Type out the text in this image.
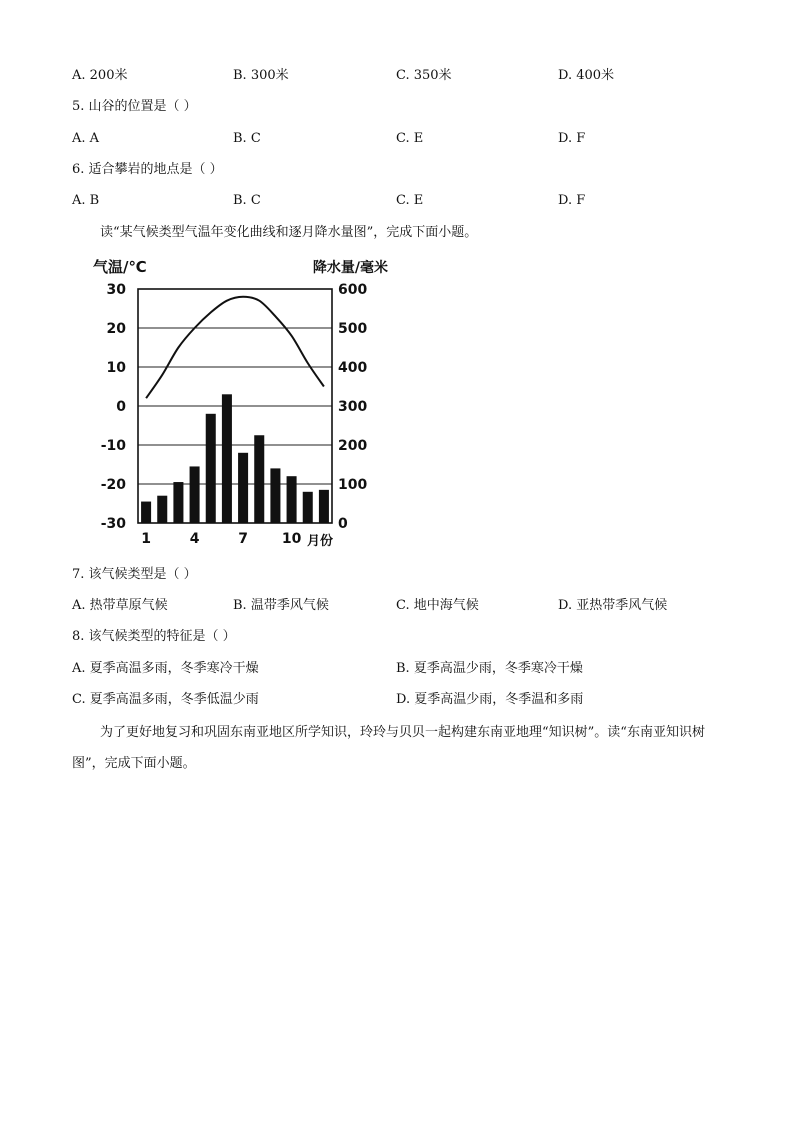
A. 200米	B. 300米	C. 350米	D. 400米
5. 山谷的位置是（ ）
A. A	B. C	C. E	D. F
6. 适合攀岩的地点是（ ）
A. B	B. C	C. E	D. F
读“某气候类型气温年变化曲线和逐月降水量图”，完成下面小题。
气温/℃	降水量/毫米
30
20
10
0
-10
-20
-30
600
500
400
300
200
100
0
1	4	7 10 月份
7. 该气候类型是（ ）
A. 热带草原气候	B. 温带季风气候	C. 地中海气候	D. 亚热带季风气候
8. 该气候类型的特征是（ ）
A. 夏季高温多雨，冬季寒冷干燥	B. 夏季高温少雨，冬季寒冷干燥
C. 夏季高温多雨，冬季低温少雨	D. 夏季高温少雨，冬季温和多雨
为了更好地复习和巩固东南亚地区所学知识，玲玲与贝贝一起构建东南亚地理“知识树”。读“东南亚知识树图”，完成下面小题。
